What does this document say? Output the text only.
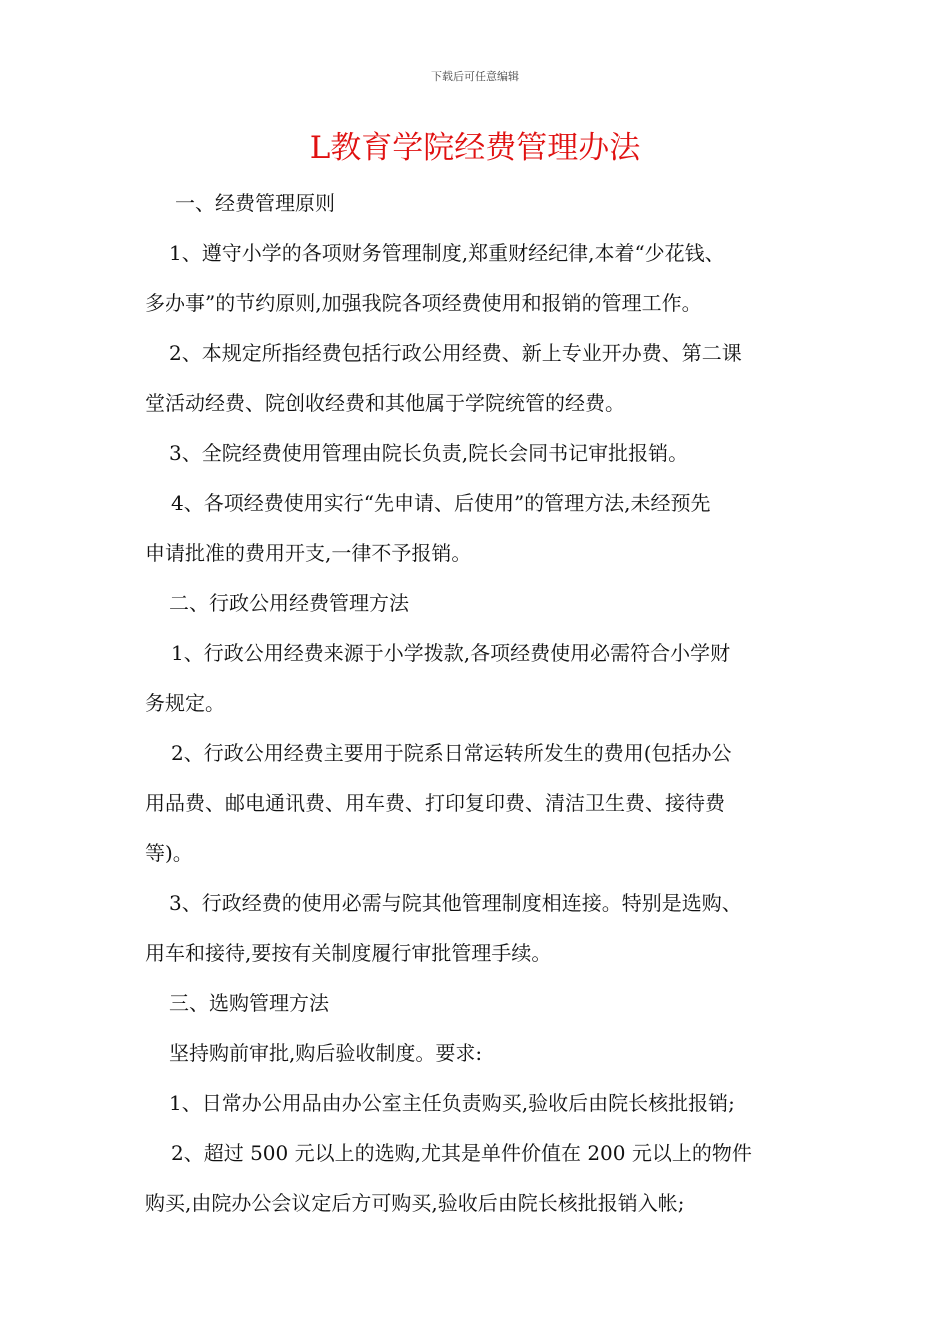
下载后可任意编辑
L教育学院经费管理办法
一、经费管理原则
1、遵守小学的各项财务管理制度,郑重财经纪律,本着“少花钱、
多办事”的节约原则,加强我院各项经费使用和报销的管理工作。
2、本规定所指经费包括行政公用经费、新上专业开办费、第二课
堂活动经费、院创收经费和其他属于学院统管的经费。
3、全院经费使用管理由院长负责,院长会同书记审批报销。
4、各项经费使用实行“先申请、后使用”的管理方法,未经预先
申请批准的费用开支,一律不予报销。
二、行政公用经费管理方法
1、行政公用经费来源于小学拨款,各项经费使用必需符合小学财
务规定。
2、行政公用经费主要用于院系日常运转所发生的费用(包括办公
用品费、邮电通讯费、用车费、打印复印费、清洁卫生费、接待费
等)。
3、行政经费的使用必需与院其他管理制度相连接。特别是选购、
用车和接待,要按有关制度履行审批管理手续。
三、选购管理方法
坚持购前审批,购后验收制度。要求:
1、日常办公用品由办公室主任负责购买,验收后由院长核批报销;
2、超过 500 元以上的选购,尤其是单件价值在 200 元以上的物件
购买,由院办公会议定后方可购买,验收后由院长核批报销入帐;
